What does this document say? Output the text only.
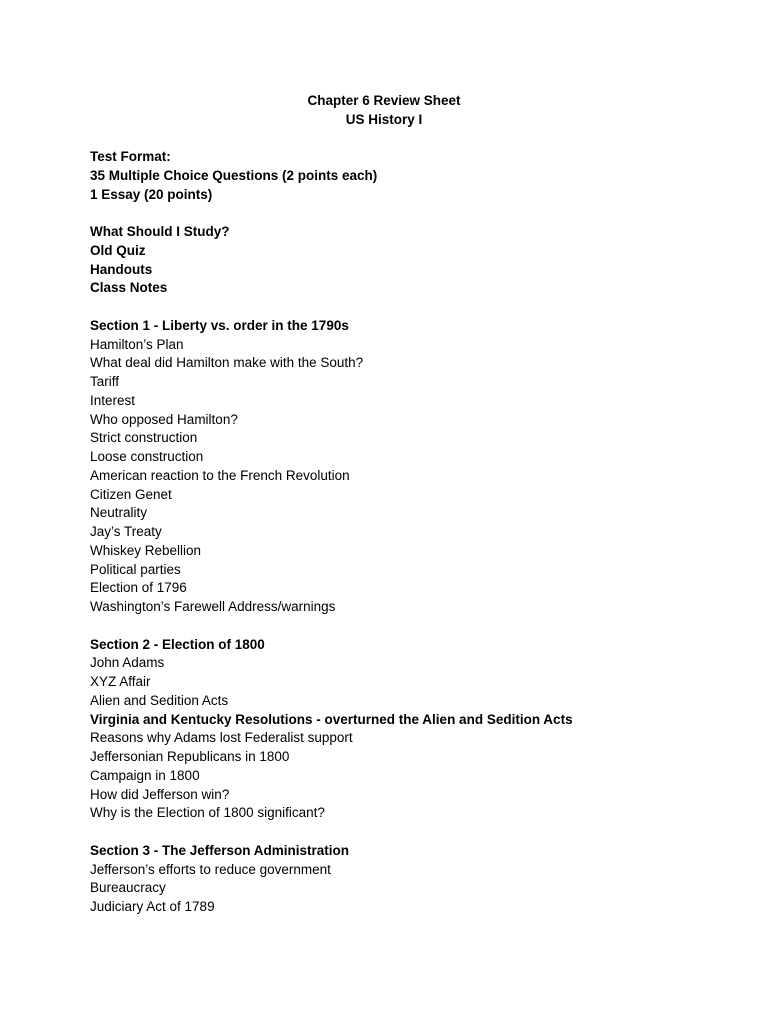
Chapter 6 Review Sheet
US History I
Test Format:
35 Multiple Choice Questions (2 points each)
1 Essay (20 points)
What Should I Study?
Old Quiz
Handouts
Class Notes
Section 1 - Liberty vs. order in the 1790s
Hamilton’s Plan
What deal did Hamilton make with the South?
Tariff
Interest
Who opposed Hamilton?
Strict construction
Loose construction
American reaction to the French Revolution
Citizen Genet
Neutrality
Jay’s Treaty
Whiskey Rebellion
Political parties
Election of 1796
Washington’s Farewell Address/warnings
Section 2 - Election of 1800
John Adams
XYZ Affair
Alien and Sedition Acts
Virginia and Kentucky Resolutions - overturned the Alien and Sedition Acts
Reasons why Adams lost Federalist support
Jeffersonian Republicans in 1800
Campaign in 1800
How did Jefferson win?
Why is the Election of 1800 significant?
Section 3 - The Jefferson Administration
Jefferson’s efforts to reduce government
Bureaucracy
Judiciary Act of 1789
